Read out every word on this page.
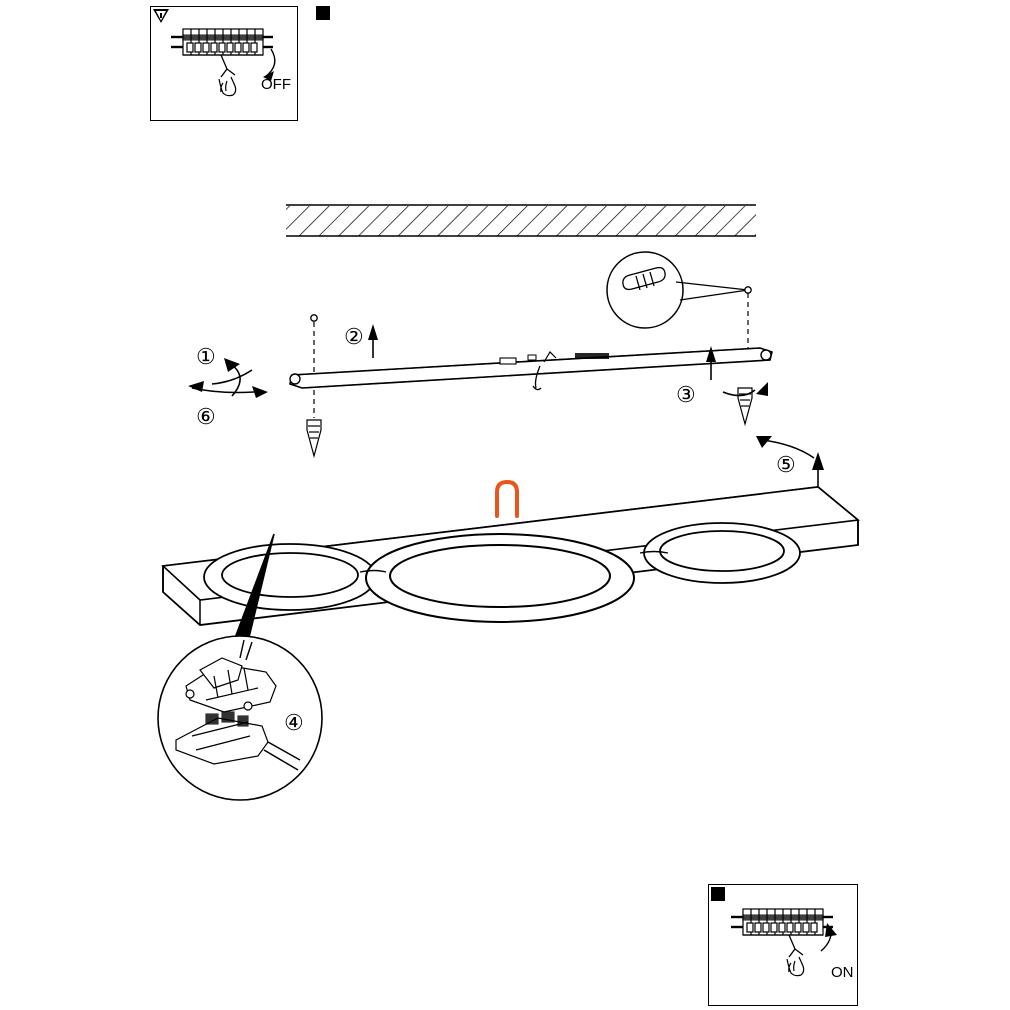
OFF
①
②
③
④
⑤
⑥
ON
